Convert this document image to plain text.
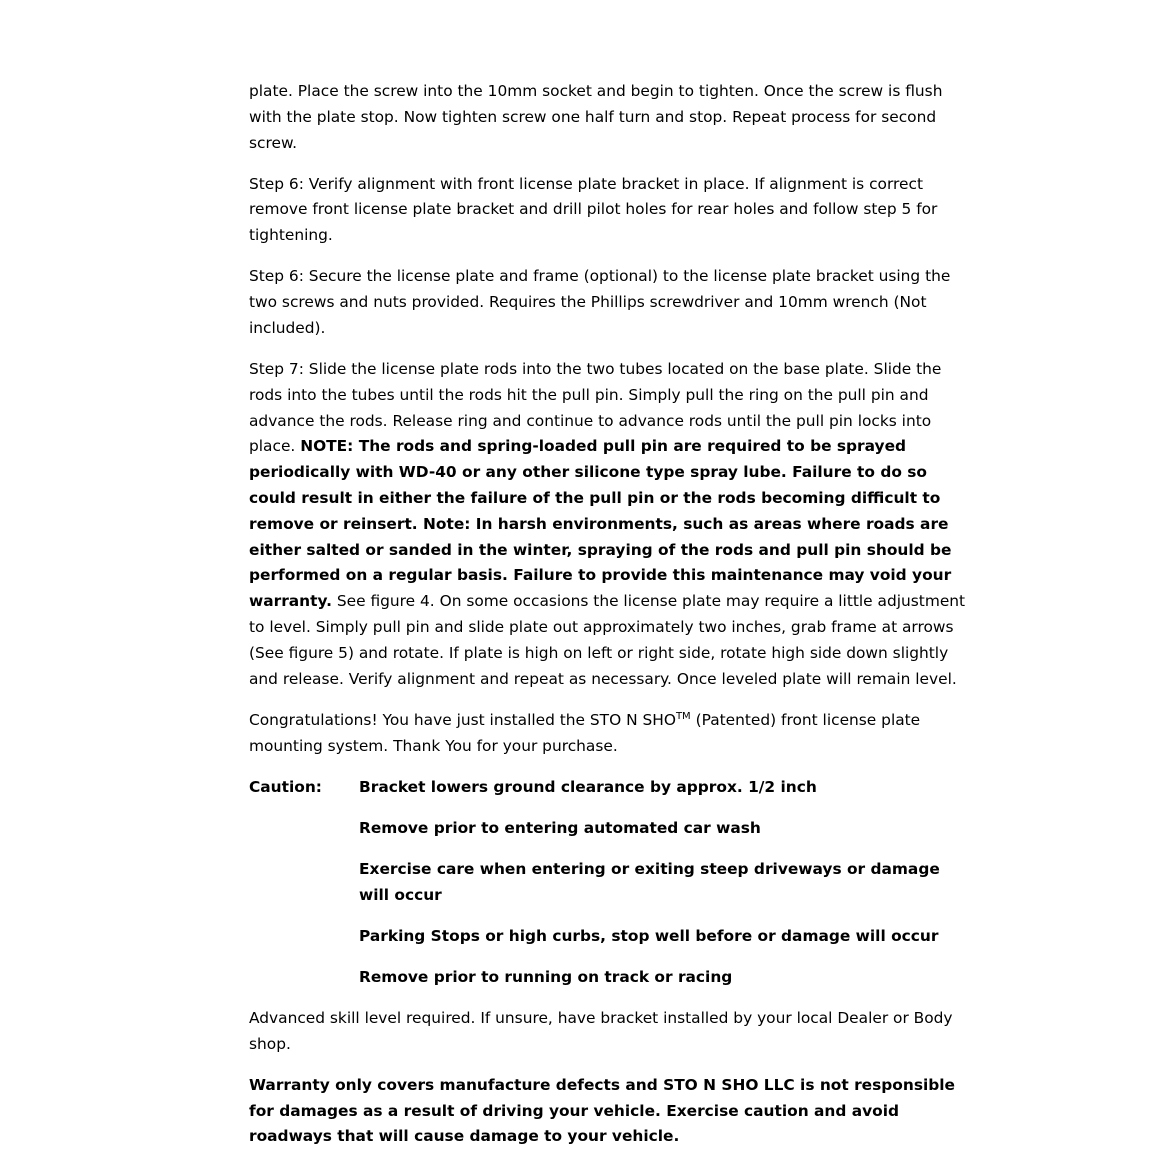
plate. Place the screw into the 10mm socket and begin to tighten. Once the screw is flush with the plate stop. Now tighten screw one half turn and stop. Repeat process for second screw.

Step 6: Verify alignment with front license plate bracket in place. If alignment is correct remove front license plate bracket and drill pilot holes for rear holes and follow step 5 for tightening.

Step 6: Secure the license plate and frame (optional) to the license plate bracket using the two screws and nuts provided. Requires the Phillips screwdriver and 10mm wrench (Not included).

Step 7: Slide the license plate rods into the two tubes located on the base plate. Slide the rods into the tubes until the rods hit the pull pin. Simply pull the ring on the pull pin and advance the rods. Release ring and continue to advance rods until the pull pin locks into place. NOTE: The rods and spring-loaded pull pin are required to be sprayed periodically with WD-40 or any other silicone type spray lube. Failure to do so could result in either the failure of the pull pin or the rods becoming difficult to remove or reinsert. Note: In harsh environments, such as areas where roads are either salted or sanded in the winter, spraying of the rods and pull pin should be performed on a regular basis. Failure to provide this maintenance may void your warranty. See figure 4. On some occasions the license plate may require a little adjustment to level. Simply pull pin and slide plate out approximately two inches, grab frame at arrows (See figure 5) and rotate. If plate is high on left or right side, rotate high side down slightly and release. Verify alignment and repeat as necessary. Once leveled plate will remain level.

Congratulations! You have just installed the STO N SHO™ (Patented) front license plate mounting system. Thank You for your purchase.

Caution:	Bracket lowers ground clearance by approx. 1/2 inch
Remove prior to entering automated car wash
Exercise care when entering or exiting steep driveways or damage will occur
Parking Stops or high curbs, stop well before or damage will occur
Remove prior to running on track or racing

Advanced skill level required. If unsure, have bracket installed by your local Dealer or Body shop.

Warranty only covers manufacture defects and STO N SHO LLC is not responsible for damages as a result of driving your vehicle. Exercise caution and avoid roadways that will cause damage to your vehicle.
